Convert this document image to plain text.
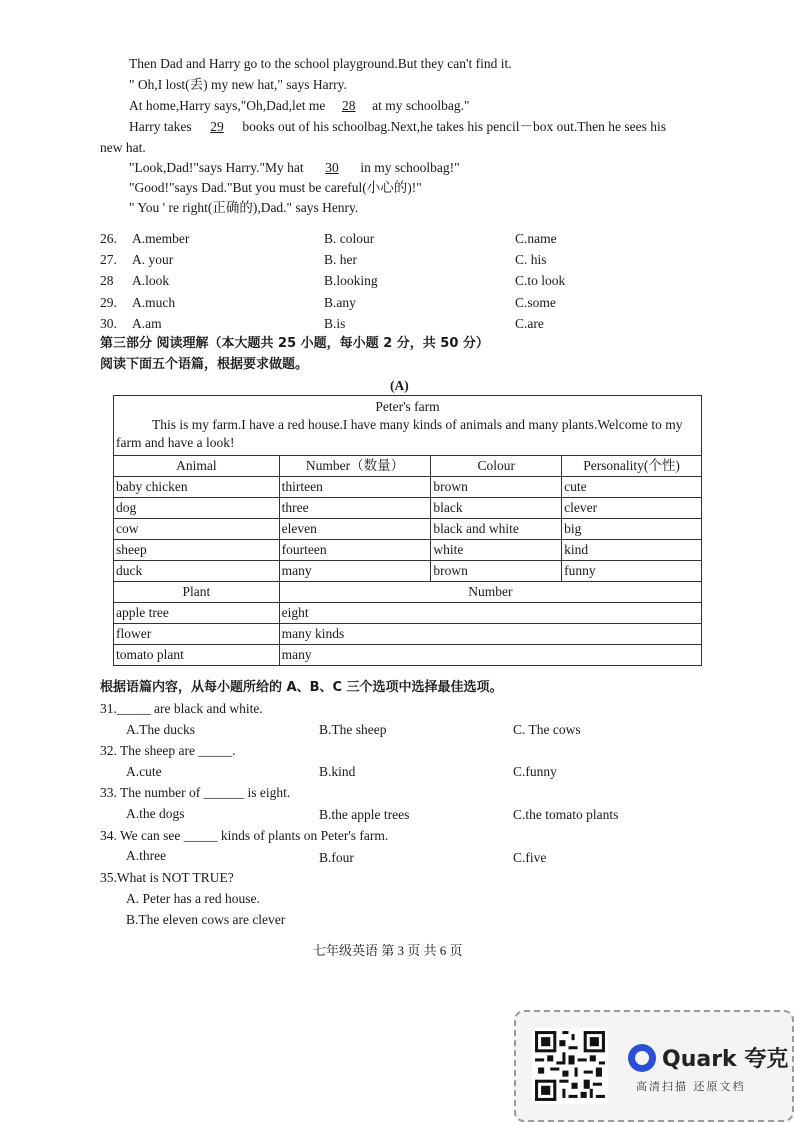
Then Dad and Harry go to the school playground.But they can't find it.
" Oh,I lost(丢) my new hat," says Harry.
At home,Harry says,"Oh,Dad,let me 28 at my schoolbag."
Harry takes 29 books out of his schoolbag.Next,he takes his pencil－box out.Then he sees his
new hat.
"Look,Dad!"says Harry."My hat 30 in my schoolbag!"
"Good!"says Dad."But you must be careful(小心的)!"
" You ' re right(正确的),Dad." says Henry.
26. A.member	B. colour	C.name
27. A. your	B. her	C. his
28 A.look	B.looking	C.to look
29. A.much	B.any	C.some
30. A.am	B.is	C.are
第三部分 阅读理解（本大题共 25 小题，每小题 2 分，共 50 分）
阅读下面五个语篇，根据要求做题。
(A)
Peter's farm
This is my farm.I have a red house.I have many kinds of animals and many plants.Welcome to my farm and have a look!			

Animal	Number（数量）	Colour	Personality(个性)
baby chicken	thirteen	brown	cute
dog	three	black	clever
cow	eleven	black and white	big
sheep	fourteen	white	kind
duck	many	brown	funny
Plant	Number		
apple tree	eight		
flower	many kinds		
tomato plant	many		
根据语篇内容，从每小题所给的 A、B、C 三个选项中选择最佳选项。
31._____ are black and white.
A.The ducks	B.The sheep	C. The cows
32. The sheep are _____.
A.cute	B.kind	C.funny
33. The number of ______ is eight.
A.the dogs	B.the apple trees	C.the tomato plants
34. We can see _____ kinds of plants on Peter's farm.
A.three	B.four	C.five
35.What is NOT TRUE?
A. Peter has a red house.
B.The eleven cows are clever
七年级英语 第 3 页 共 6 页
Quark 夸克
高清扫描 还原文档
